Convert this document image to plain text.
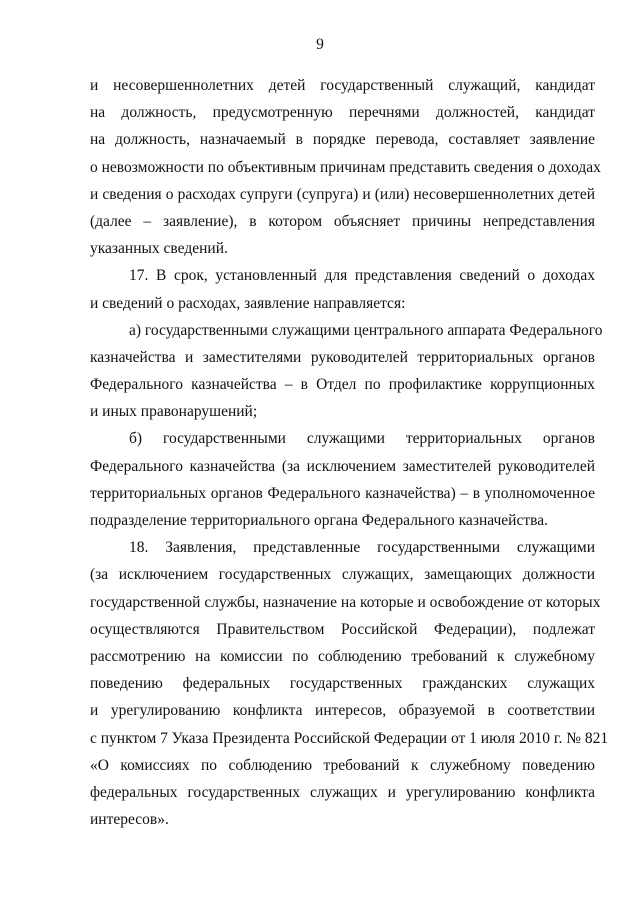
9
и несовершеннолетних детей государственный служащий, кандидат
на должность, предусмотренную перечнями должностей, кандидат
на должность, назначаемый в порядке перевода, составляет заявление
о невозможности по объективным причинам представить сведения о доходах
и сведения о расходах супруги (супруга) и (или) несовершеннолетних детей
(далее – заявление), в котором объясняет причины непредставления
указанных сведений.
17. В срок, установленный для представления сведений о доходах
и сведений о расходах, заявление направляется:
а) государственными служащими центрального аппарата Федерального
казначейства и заместителями руководителей территориальных органов
Федерального казначейства – в Отдел по профилактике коррупционных
и иных правонарушений;
б) государственными служащими территориальных органов
Федерального казначейства (за исключением заместителей руководителей
территориальных органов Федерального казначейства) – в уполномоченное
подразделение территориального органа Федерального казначейства.
18. Заявления, представленные государственными служащими
(за исключением государственных служащих, замещающих должности
государственной службы, назначение на которые и освобождение от которых
осуществляются Правительством Российской Федерации), подлежат
рассмотрению на комиссии по соблюдению требований к служебному
поведению федеральных государственных гражданских служащих
и урегулированию конфликта интересов, образуемой в соответствии
с пунктом 7 Указа Президента Российской Федерации от 1 июля 2010 г. № 821
«О комиссиях по соблюдению требований к служебному поведению
федеральных государственных служащих и урегулированию конфликта
интересов».
